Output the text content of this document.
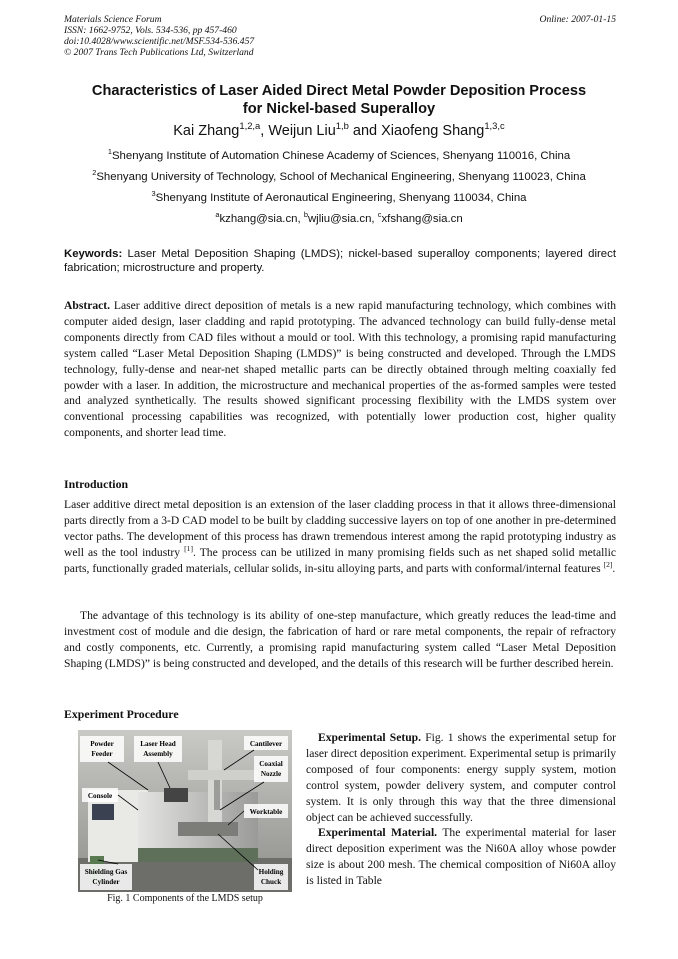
Materials Science Forum
ISSN: 1662-9752, Vols. 534-536, pp 457-460
doi:10.4028/www.scientific.net/MSF.534-536.457
© 2007 Trans Tech Publications Ltd, Switzerland
Online: 2007-01-15
Characteristics of Laser Aided Direct Metal Powder Deposition Process
for Nickel-based Superalloy
Kai Zhang$^{1,2,a}$, Weijun Liu$^{1,b}$ and Xiaofeng Shang$^{1,3,c}$
$^1$Shenyang Institute of Automation Chinese Academy of Sciences, Shenyang 110016, China
$^2$Shenyang University of Technology, School of Mechanical Engineering, Shenyang 110023, China
$^3$Shenyang Institute of Aeronautical Engineering, Shenyang 110034, China
$^a$kzhang@sia.cn, $^b$wjliu@sia.cn, $^c$xfshang@sia.cn
Keywords: Laser Metal Deposition Shaping (LMDS); nickel-based superalloy components; layered direct fabrication; microstructure and property.
Abstract. Laser additive direct deposition of metals is a new rapid manufacturing technology, which combines with computer aided design, laser cladding and rapid prototyping. The advanced technology can build fully-dense metal components directly from CAD files without a mould or tool. With this technology, a promising rapid manufacturing system called “Laser Metal Deposition Shaping (LMDS)” is being constructed and developed. Through the LMDS technology, fully-dense and near-net shaped metallic parts can be directly obtained through melting coaxially fed powder with a laser. In addition, the microstructure and mechanical properties of the as-formed samples were tested and analyzed synthetically. The results showed significant processing flexibility with the LMDS system over conventional processing capabilities was recognized, with potentially lower production cost, higher quality components, and shorter lead time.
Introduction
Laser additive direct metal deposition is an extension of the laser cladding process in that it allows three-dimensional parts directly from a 3-D CAD model to be built by cladding successive layers on top of one another in pre-determined vector paths. The development of this process has drawn tremendous interest among the rapid prototyping industry as well as the tool industry [1]. The process can be utilized in many promising fields such as net shaped solid metallic parts, functionally graded materials, cellular solids, in-situ alloying parts, and parts with conformal/internal features [2].
The advantage of this technology is its ability of one-step manufacture, which greatly reduces the lead-time and investment cost of module and die design, the fabrication of hard or rare metal components, the repair of refractory and costly components, etc. Currently, a promising rapid manufacturing system called “Laser Metal Deposition Shaping (LMDS)” is being constructed and developed, and the details of this research will be further described herein.
Experiment Procedure
Powder
Feeder
Laser Head
Assembly
Cantilever
Coaxial
Nozzle
Console
Worktable
Shielding Gas
Cylinder
Holding
Chuck
Fig. 1 Components of the LMDS setup

Experimental Setup. Fig. 1 shows the experimental setup for laser direct deposition experiment. Experimental setup is primarily composed of four components: energy supply system, motion control system, powder delivery system, and computer control system. It is only through this way that the three dimensional object can be achieved successfully.

Experimental Material. The experimental material for laser direct deposition experiment was the Ni60A alloy whose powder size is about 200 mesh. The chemical composition of Ni60A alloy is listed in Table
